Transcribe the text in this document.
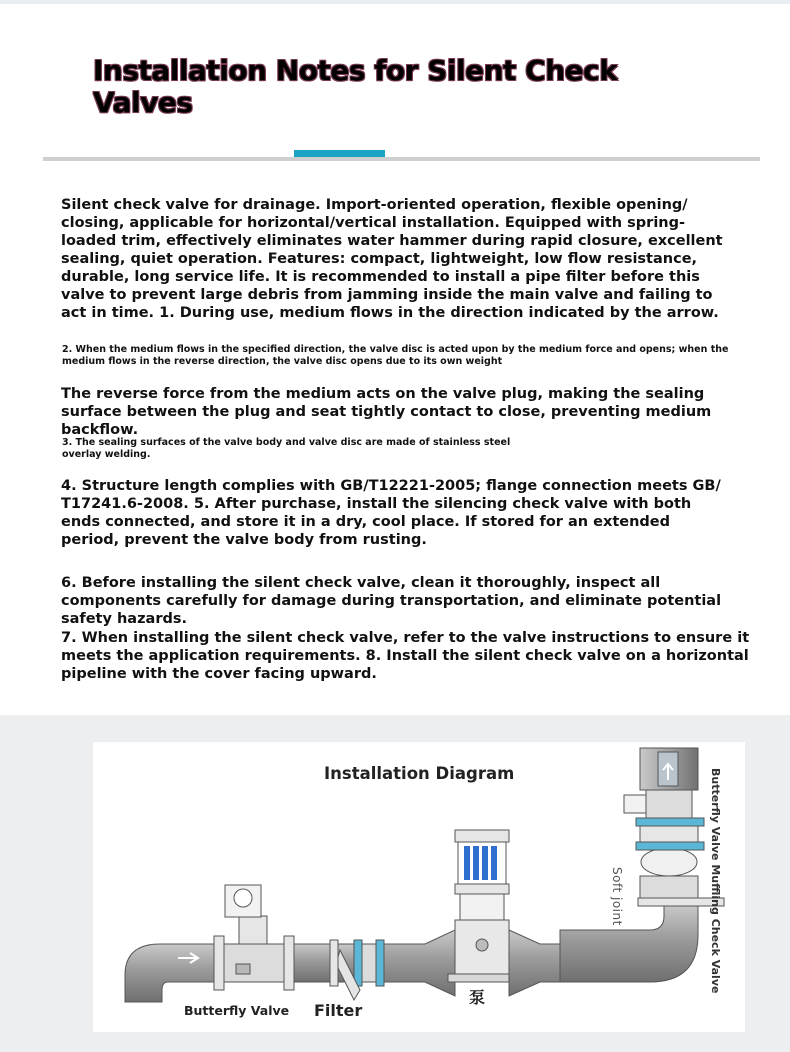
Installation Notes for Silent Check Valves

Silent check valve for drainage. Import-oriented operation, flexible opening/ closing, applicable for horizontal/vertical installation. Equipped with spring-loaded trim, effectively eliminates water hammer during rapid closure, excellent sealing, quiet operation. Features: compact, lightweight, low flow resistance, durable, long service life. It is recommended to install a pipe filter before this valve to prevent large debris from jamming inside the main valve and failing to act in time. 1. During use, medium flows in the direction indicated by the arrow.

2. When the medium flows in the specified direction, the valve disc is acted upon by the medium force and opens; when the medium flows in the reverse direction, the valve disc opens due to its own weight

The reverse force from the medium acts on the valve plug, making the sealing surface between the plug and seat tightly contact to close, preventing medium backflow.

3. The sealing surfaces of the valve body and valve disc are made of stainless steel overlay welding.

4. Structure length complies with GB/T12221-2005; flange connection meets GB/ T17241.6-2008. 5. After purchase, install the silencing check valve with both ends connected, and store it in a dry, cool place. If stored for an extended period, prevent the valve body from rusting.

6. Before installing the silent check valve, clean it thoroughly, inspect all components carefully for damage during transportation, and eliminate potential safety hazards.

7. When installing the silent check valve, refer to the valve instructions to ensure it meets the application requirements. 8. Install the silent check valve on a horizontal pipeline with the cover facing upward.

Installation Diagram

Butterfly Valve Filter

泵

Soft joint	Butterfly Valve Muffling Check Valve
